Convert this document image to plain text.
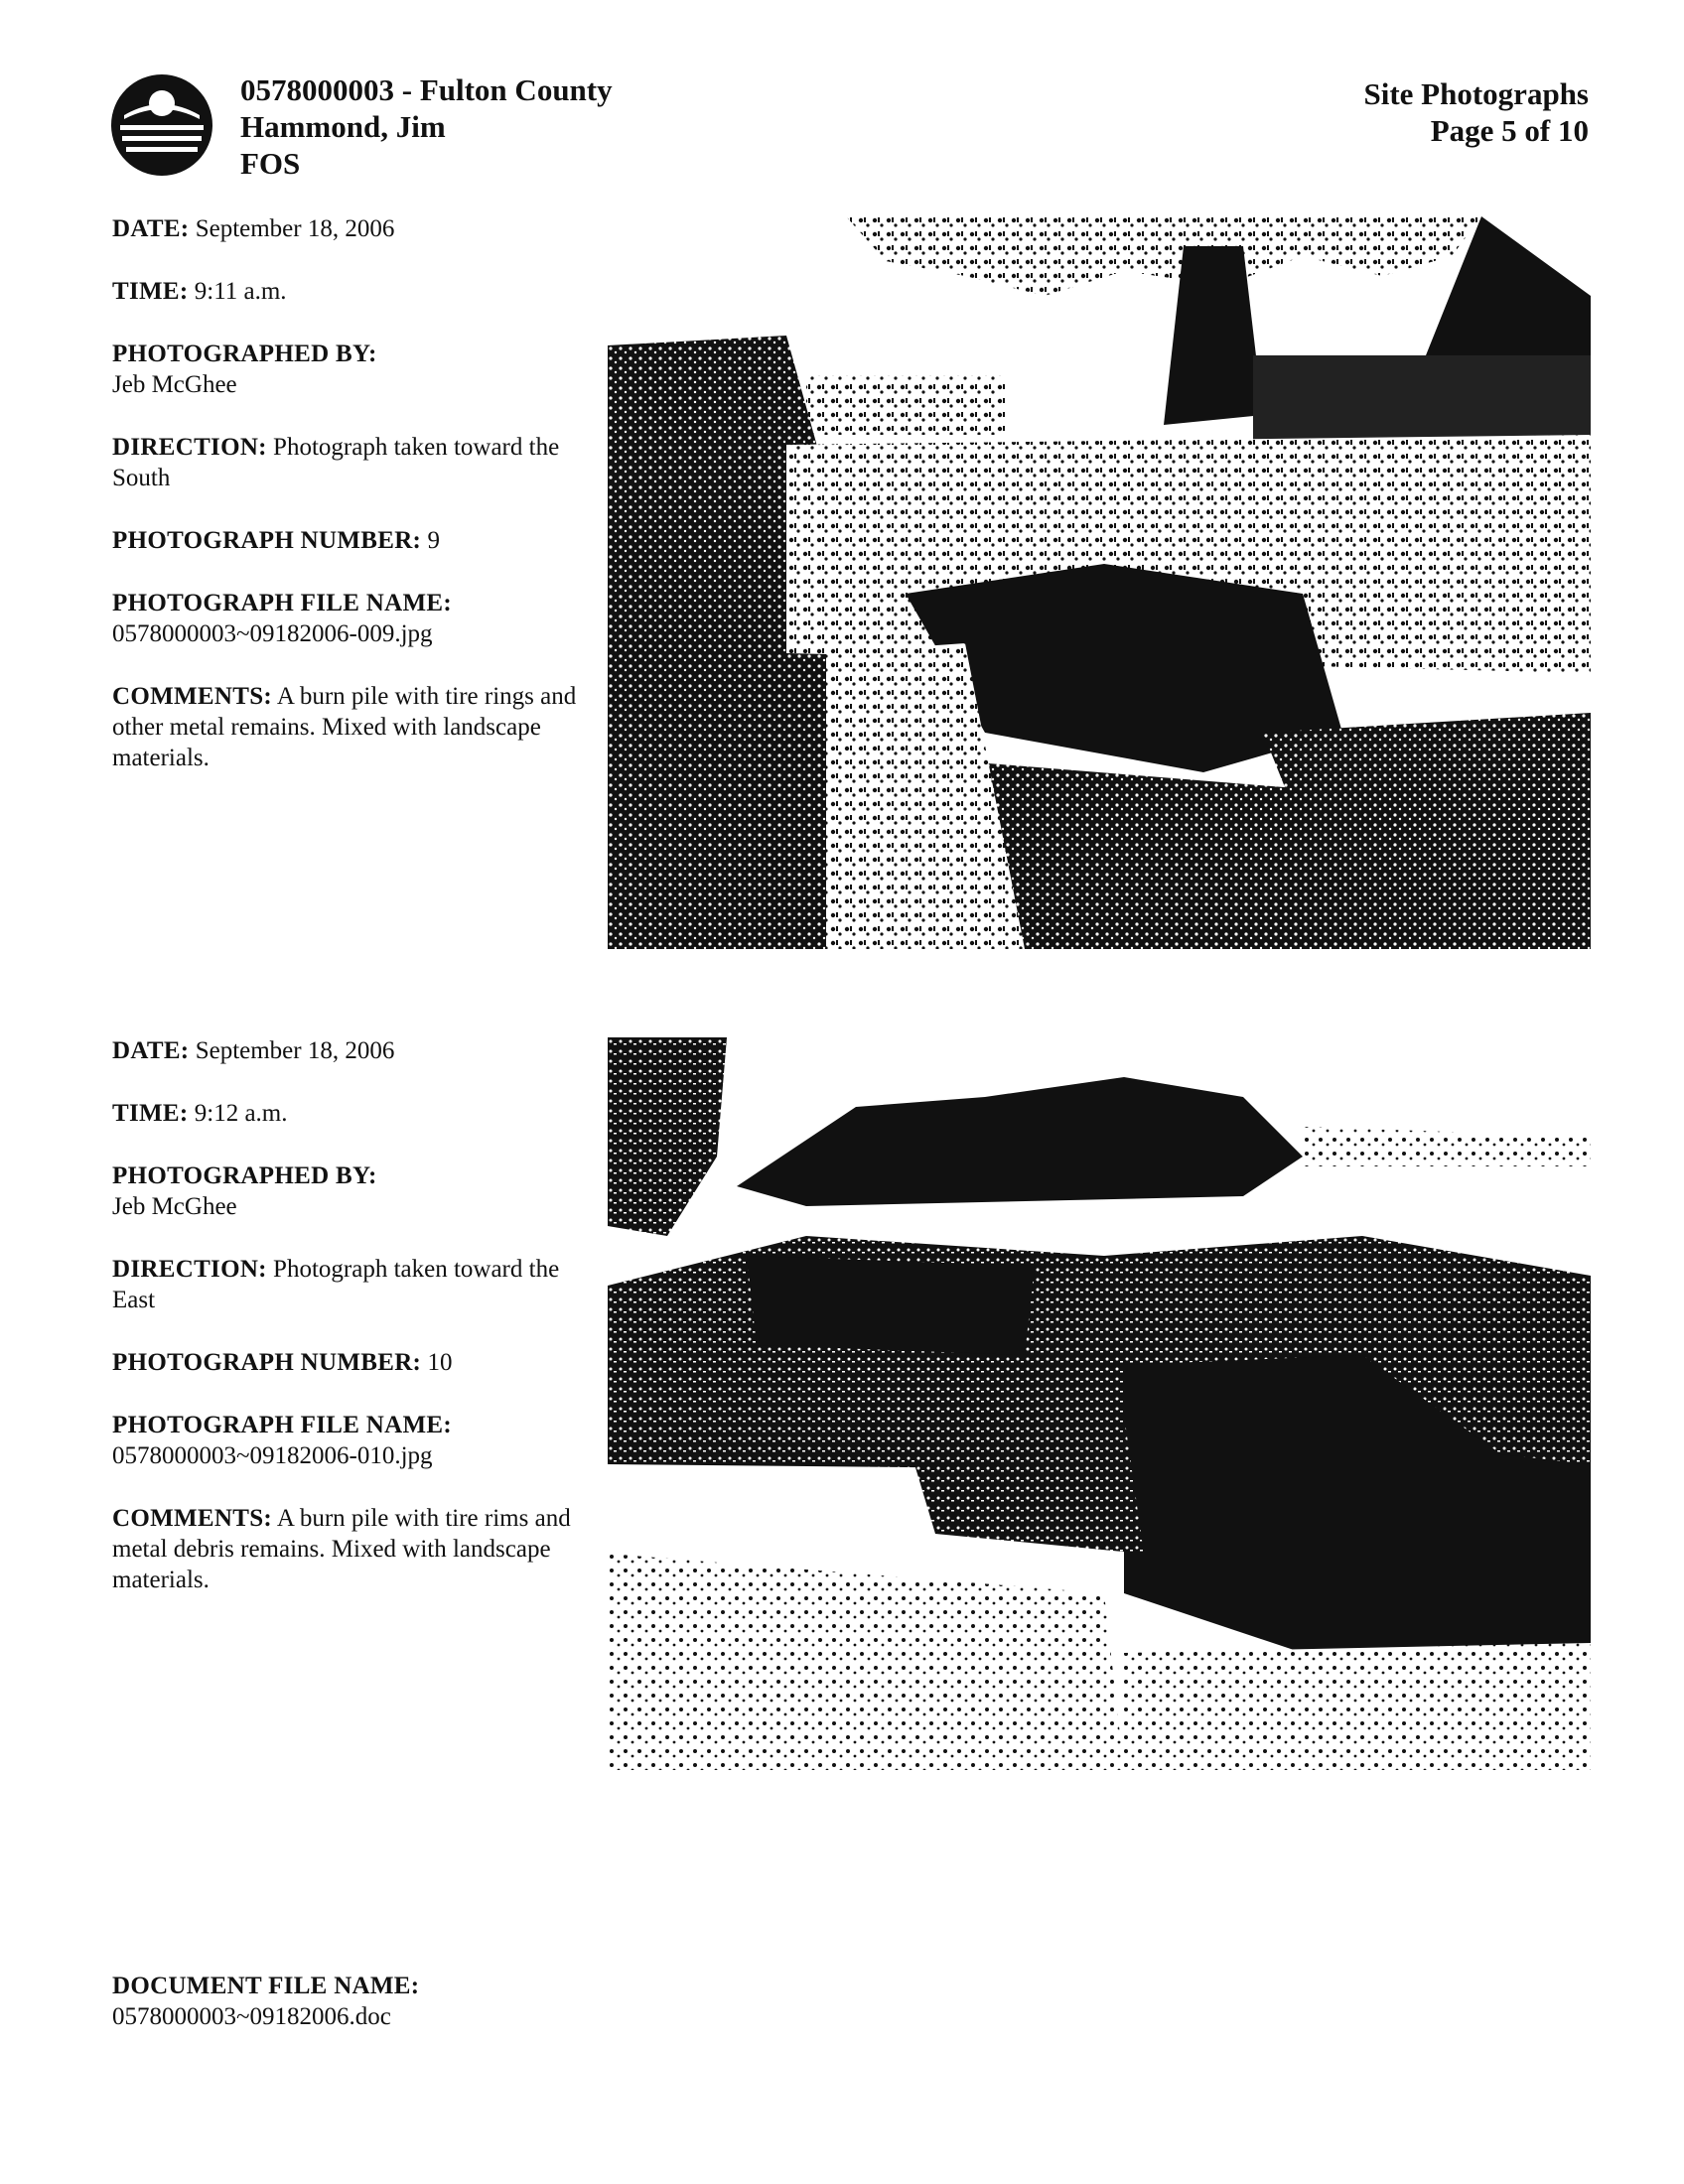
0578000003 - Fulton County
Hammond, Jim
FOS
Site Photographs
Page 5 of 10
DATE: September 18, 2006
TIME: 9:11 a.m.
PHOTOGRAPHED BY:
Jeb McGhee
DIRECTION: Photograph taken toward the South
PHOTOGRAPH NUMBER: 9
PHOTOGRAPH FILE NAME:
0578000003~09182006-009.jpg
COMMENTS: A burn pile with tire rings and other metal remains. Mixed with landscape materials.
DATE: September 18, 2006
TIME: 9:12 a.m.
PHOTOGRAPHED BY:
Jeb McGhee
DIRECTION: Photograph taken toward the East
PHOTOGRAPH NUMBER: 10
PHOTOGRAPH FILE NAME:
0578000003~09182006-010.jpg
COMMENTS: A burn pile with tire rims and metal debris remains. Mixed with landscape materials.
DOCUMENT FILE NAME:
0578000003~09182006.doc
